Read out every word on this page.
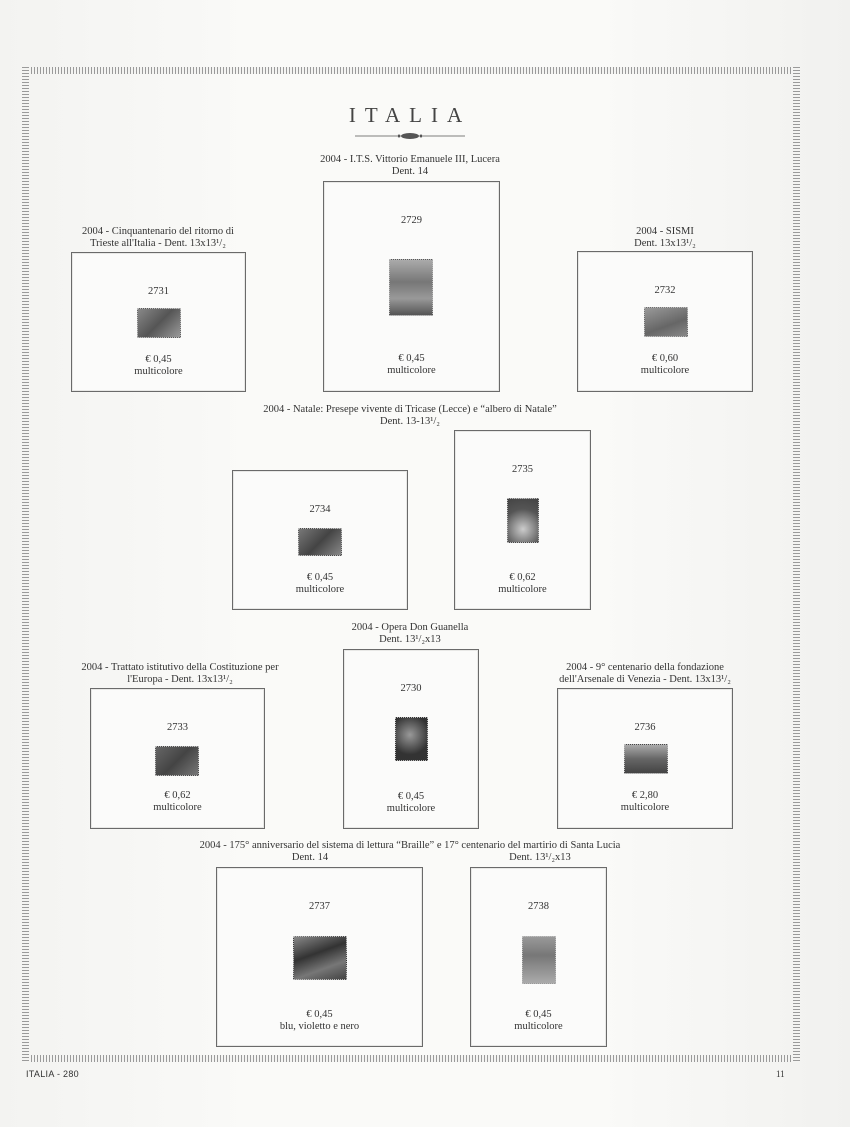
ITALIA
2004 - I.T.S. Vittorio Emanuele III, Lucera
Dent. 14
2004 - Cinquantenario del ritorno di
Trieste all'Italia - Dent. 13x13¹/₂
2004 - SISMI
Dent. 13x13¹/₂
2731
€ 0,45
multicolore
2729
€ 0,45
multicolore
2732
€ 0,60
multicolore
2004 - Natale: Presepe vivente di Tricase (Lecce) e “albero di Natale”
Dent. 13-13¹/₂
2734
€ 0,45
multicolore
2735
€ 0,62
multicolore
2004 - Opera Don Guanella
Dent. 13¹/₂x13
2004 - Trattato istitutivo della Costituzione per
l'Europa - Dent. 13x13¹/₂
2004 - 9° centenario della fondazione
dell'Arsenale di Venezia - Dent. 13x13¹/₂
2733
€ 0,62
multicolore
2730
€ 0,45
multicolore
2736
€ 2,80
multicolore
2004 - 175° anniversario del sistema di lettura “Braille” e 17° centenario del martirio di Santa Lucia
Dent. 14	Dent. 13¹/₂x13
2737
€ 0,45
blu, violetto e nero
2738
€ 0,45
multicolore
ITALIA - 280	11
